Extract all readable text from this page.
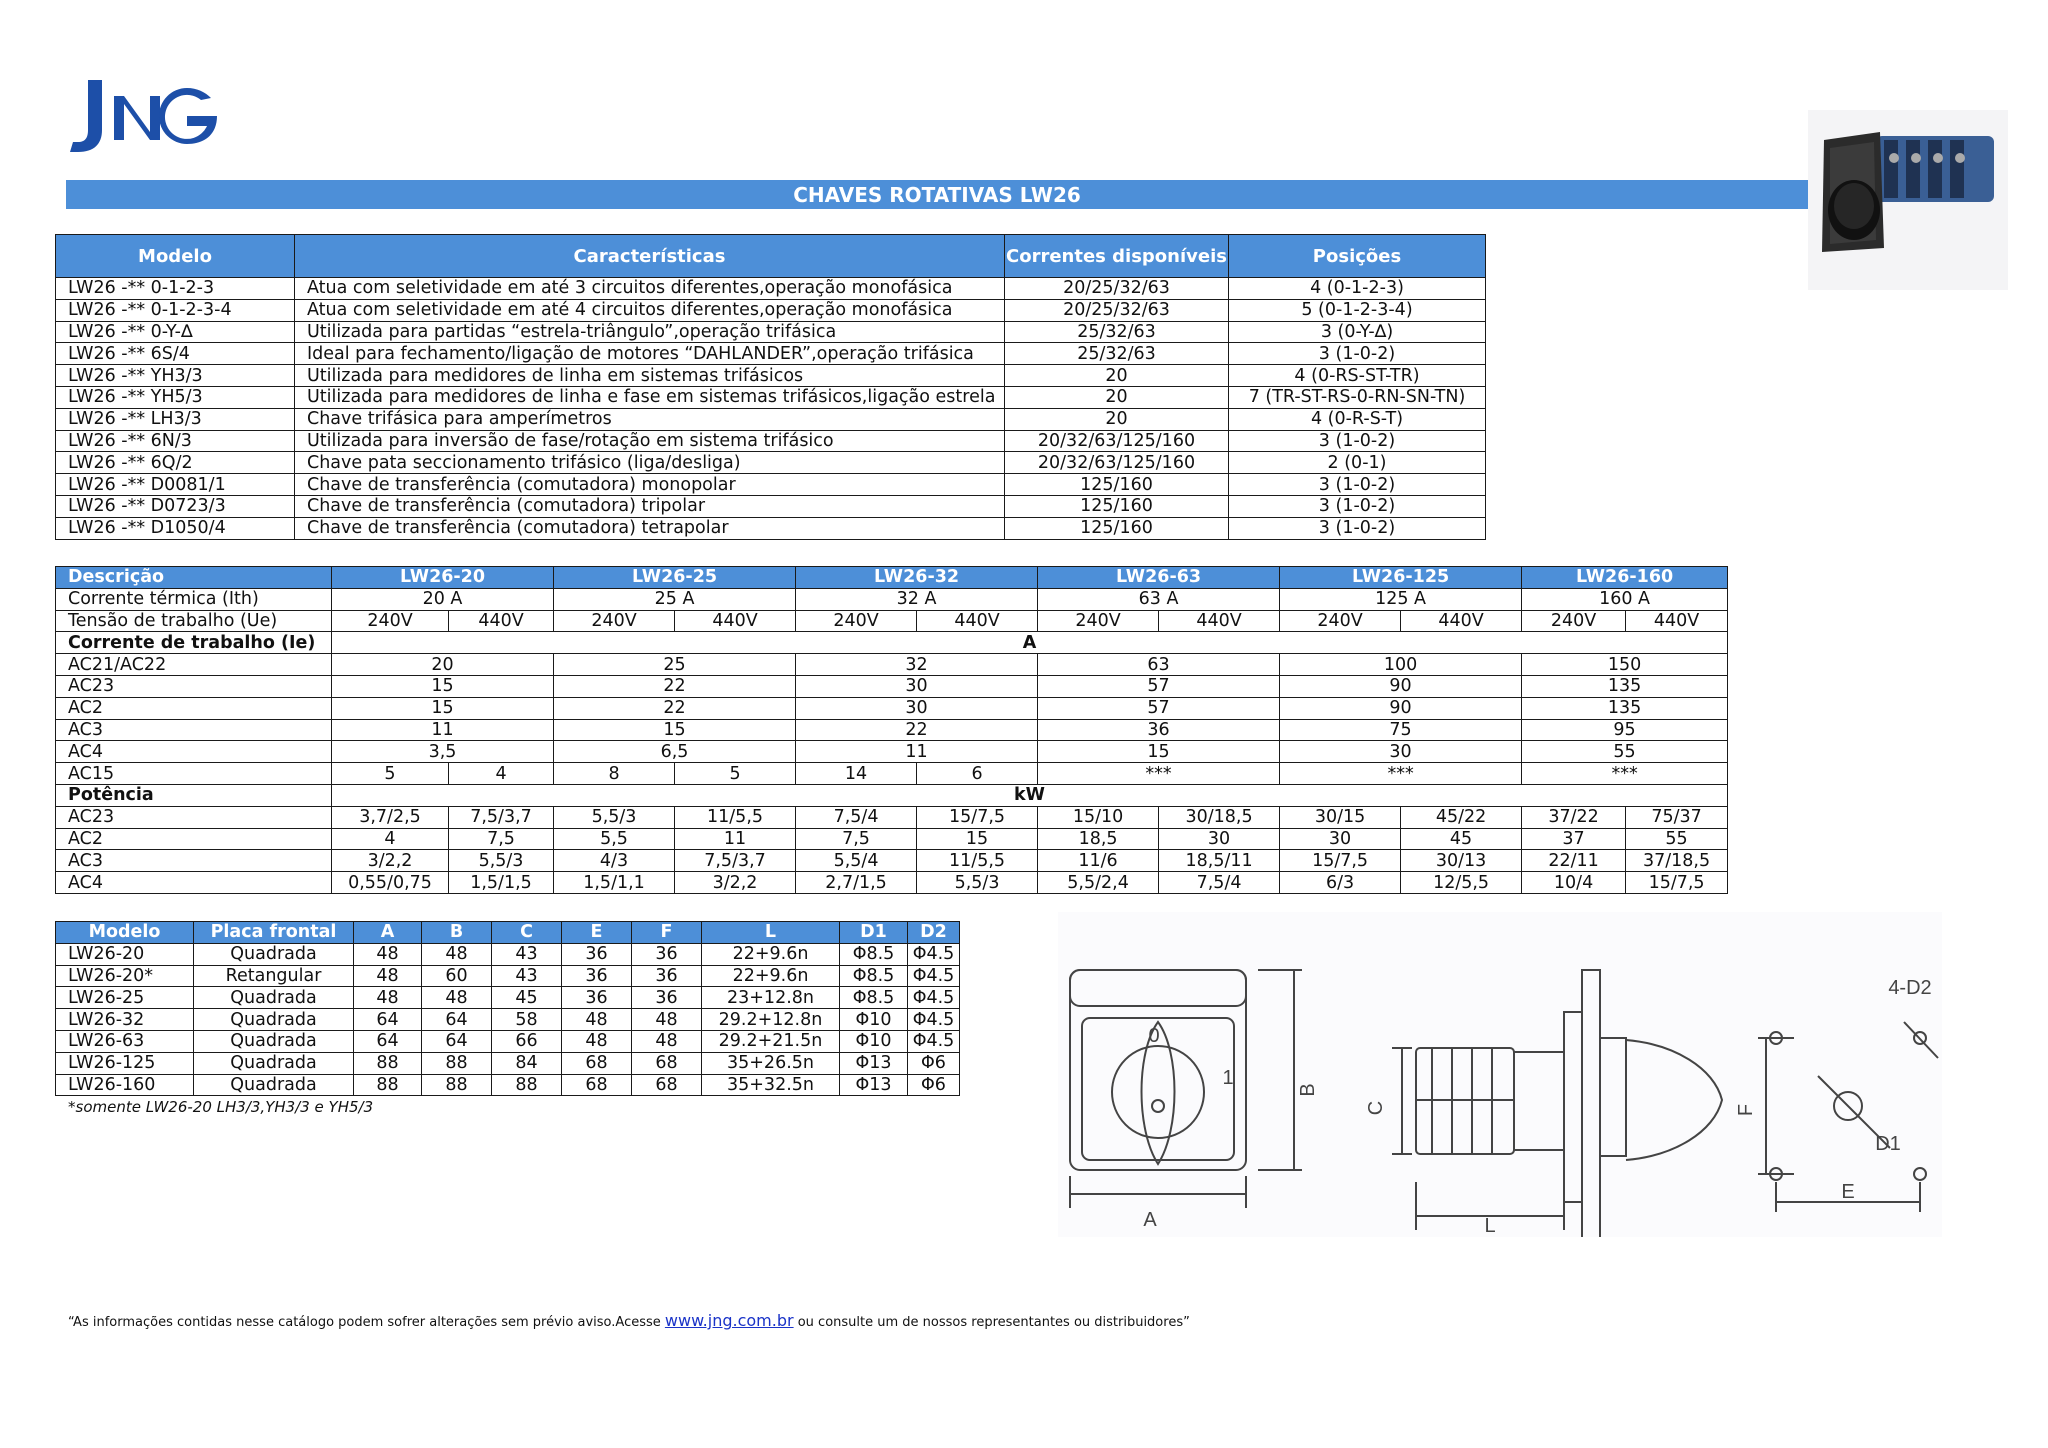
CHAVES ROTATIVAS LW26
Modelo	Características	Correntes disponíveis	Posições
LW26 -** 0-1-2-3	Atua com seletividade em até 3 circuitos diferentes,operação monofásica	20/25/32/63	4 (0-1-2-3)
LW26 -** 0-1-2-3-4	Atua com seletividade em até 4 circuitos diferentes,operação monofásica	20/25/32/63	5 (0-1-2-3-4)
LW26 -** 0-Y-∆	Utilizada para partidas “estrela-triângulo”,operação trifásica	25/32/63	3 (0-Y-∆)
LW26 -** 6S/4	Ideal para fechamento/ligação de motores “DAHLANDER”,operação trifásica	25/32/63	3 (1-0-2)
LW26 -** YH3/3	Utilizada para medidores de linha em sistemas trifásicos	20	4 (0-RS-ST-TR)
LW26 -** YH5/3	Utilizada para medidores de linha e fase em sistemas trifásicos,ligação estrela	20	7 (TR-ST-RS-0-RN-SN-TN)
LW26 -** LH3/3	Chave trifásica para amperímetros	20	4 (0-R-S-T)
LW26 -** 6N/3	Utilizada para inversão de fase/rotação em sistema trifásico	20/32/63/125/160	3 (1-0-2)
LW26 -** 6Q/2	Chave pata seccionamento trifásico (liga/desliga)	20/32/63/125/160	2 (0-1)
LW26 -** D0081/1	Chave de transferência (comutadora) monopolar	125/160	3 (1-0-2)
LW26 -** D0723/3	Chave de transferência (comutadora) tripolar	125/160	3 (1-0-2)
LW26 -** D1050/4	Chave de transferência (comutadora) tetrapolar	125/160	3 (1-0-2)
Descrição	LW26-20		LW26-25		LW26-32		LW26-63		LW26-125		LW26-160	
Corrente térmica (Ith)	20 A		25 A		32 A		63 A		125 A		160 A	
Tensão de trabalho (Ue)	240V	440V	240V	440V	240V	440V	240V	440V	240V	440V	240V	440V
Corrente de trabalho (Ie)	A											
AC21/AC22	20		25		32		63		100		150	
AC23	15		22		30		57		90		135	
AC2	15		22		30		57		90		135	
AC3	11		15		22		36		75		95	
AC4	3,5		6,5		11		15		30		55	
AC15	5	4	8	5	14	6	***		***		***	
Potência	kW											
AC23	3,7/2,5	7,5/3,7	5,5/3	11/5,5	7,5/4	15/7,5	15/10	30/18,5	30/15	45/22	37/22	75/37
AC2	4	7,5	5,5	11	7,5	15	18,5	30	30	45	37	55
AC3	3/2,2	5,5/3	4/3	7,5/3,7	5,5/4	11/5,5	11/6	18,5/11	15/7,5	30/13	22/11	37/18,5
AC4	0,55/0,75	1,5/1,5	1,5/1,1	3/2,2	2,7/1,5	5,5/3	5,5/2,4	7,5/4	6/3	12/5,5	10/4	15/7,5
Modelo	Placa frontal	A	B	C	E	F	L	D1	D2
LW26-20	Quadrada	48	48	43	36	36	22+9.6n	Φ8.5	Φ4.5
LW26-20*	Retangular	48	60	43	36	36	22+9.6n	Φ8.5	Φ4.5
LW26-25	Quadrada	48	48	45	36	36	23+12.8n	Φ8.5	Φ4.5
LW26-32	Quadrada	64	64	58	48	48	29.2+12.8n	Φ10	Φ4.5
LW26-63	Quadrada	64	64	66	48	48	29.2+21.5n	Φ10	Φ4.5
LW26-125	Quadrada	88	88	84	68	68	35+26.5n	Φ13	Φ6
LW26-160	Quadrada	88	88	88	68	68	35+32.5n	Φ13	Φ6
*somente LW26-20 LH3/3,YH3/3 e YH5/3
A
B
0
1
C
L
F
E
D1
4-D2
“As informações contidas nesse catálogo podem sofrer alterações sem prévio aviso.Acesse www.jng.com.br ou consulte um de nossos representantes ou distribuidores”
